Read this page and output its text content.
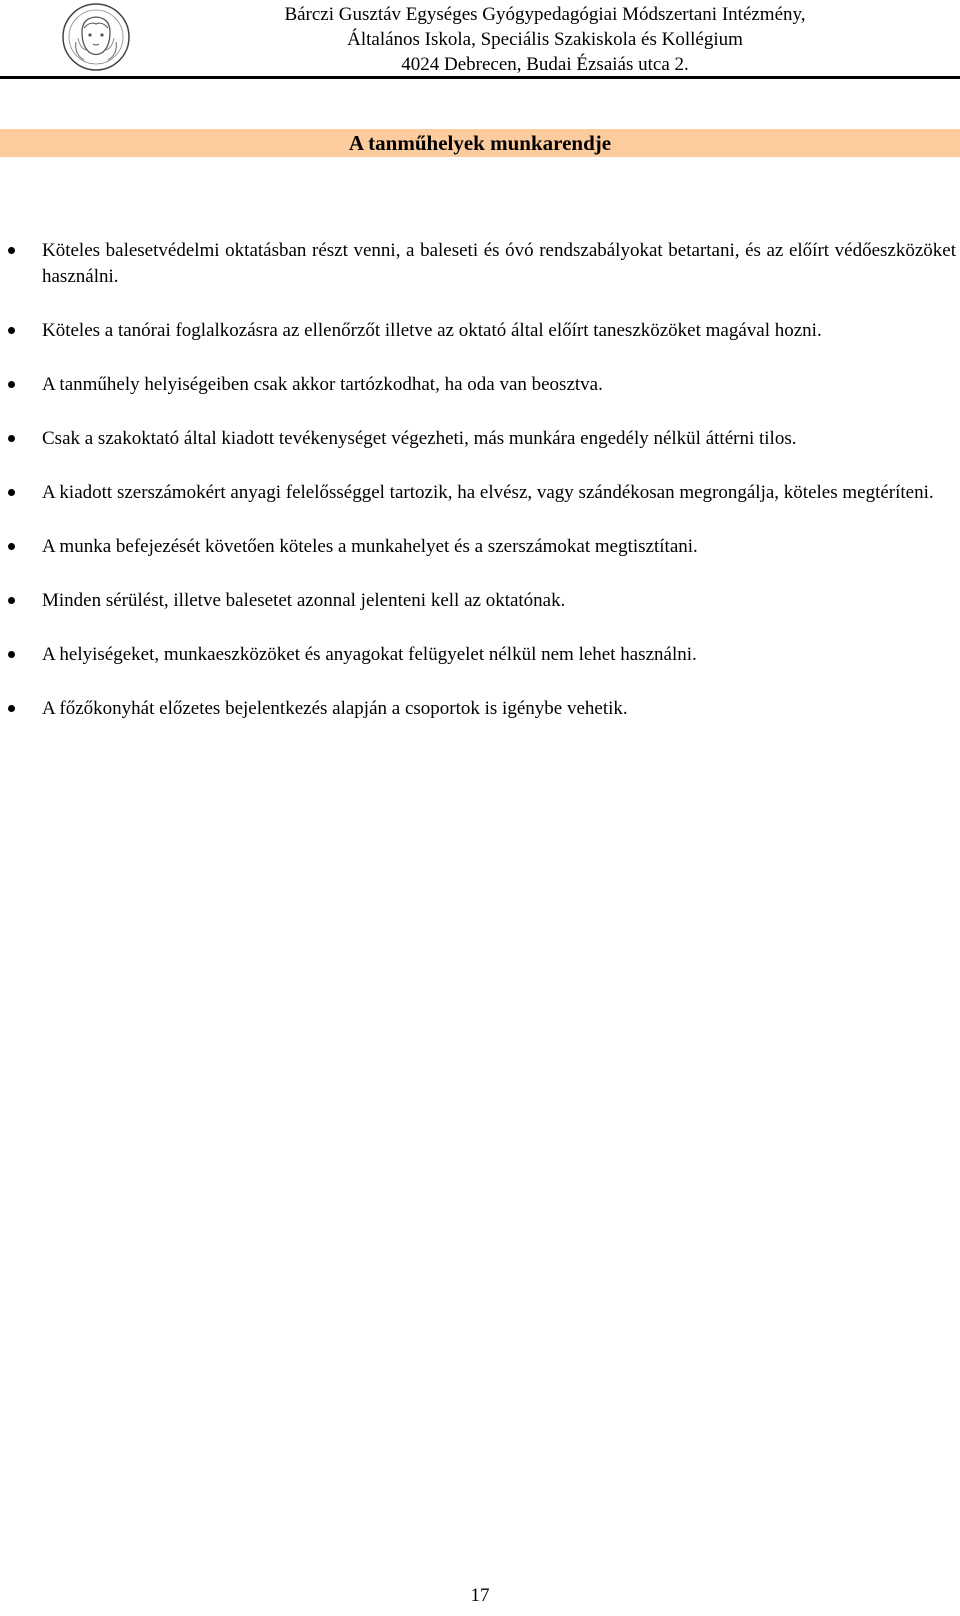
Bárczi Gusztáv Egységes Gyógypedagógiai Módszertani Intézmény,
Általános Iskola, Speciális Szakiskola és Kollégium
4024 Debrecen, Budai Ézsaiás utca 2.
A tanműhelyek munkarendje
Köteles balesetvédelmi oktatásban részt venni, a baleseti és óvó rendszabályokat betartani, és az előírt védőeszközöket használni.
Köteles a tanórai foglalkozásra az ellenőrzőt illetve az oktató által előírt taneszközöket magával hozni.
A tanműhely helyiségeiben csak akkor tartózkodhat, ha oda van beosztva.
Csak a szakoktató által kiadott tevékenységet végezheti, más munkára engedély nélkül áttérni tilos.
A kiadott szerszámokért anyagi felelősséggel tartozik, ha elvész, vagy szándékosan megrongálja, köteles megtéríteni.
A munka befejezését követően köteles a munkahelyet és a szerszámokat megtisztítani.
Minden sérülést, illetve balesetet azonnal jelenteni kell az oktatónak.
A helyiségeket, munkaeszközöket és anyagokat felügyelet nélkül nem lehet használni.
A főzőkonyhát előzetes bejelentkezés alapján a csoportok is igénybe vehetik.
17
